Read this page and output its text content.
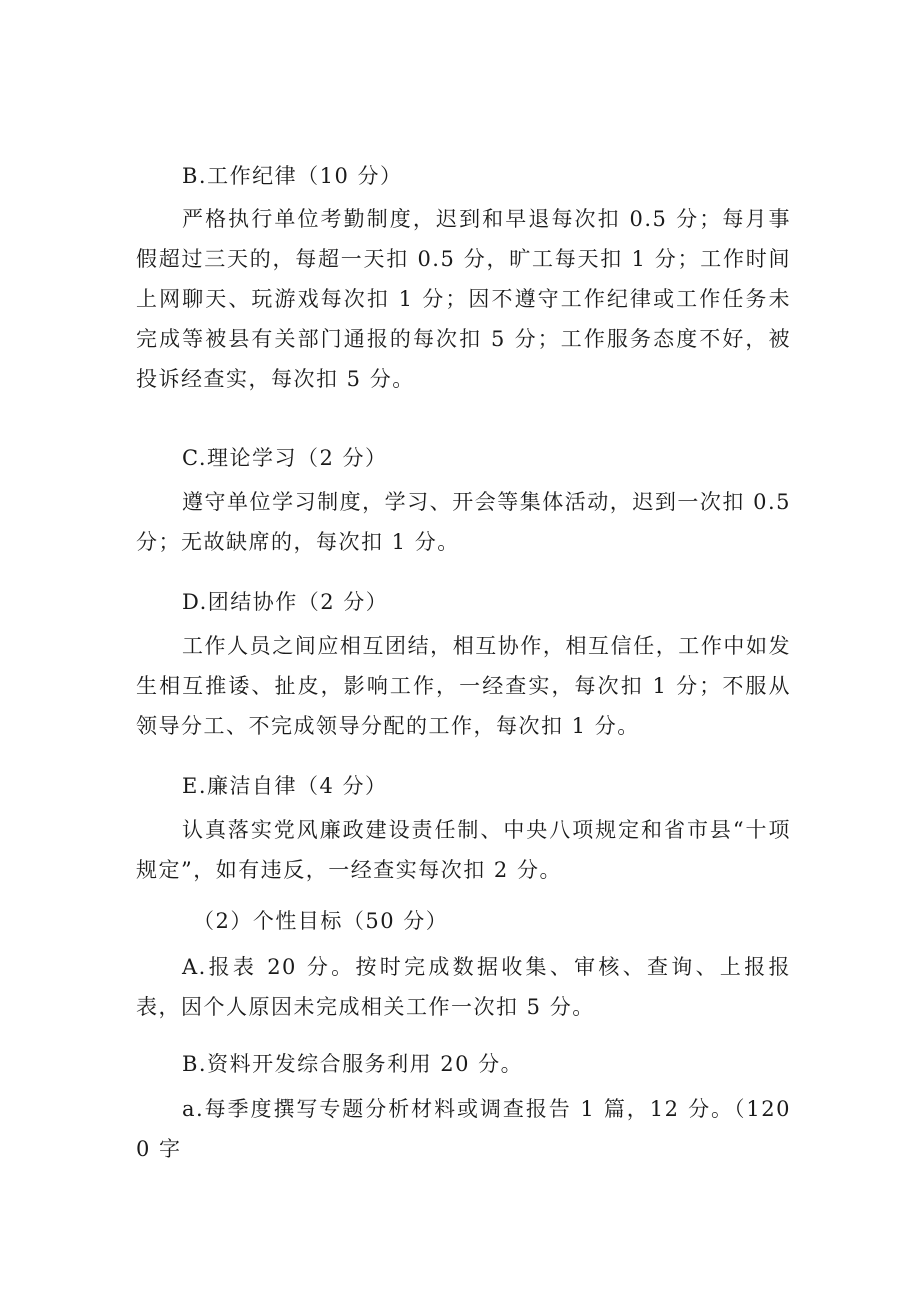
B.工作纪律（10 分）

严格执行单位考勤制度，迟到和早退每次扣 0.5 分；每月事假超过三天的，每超一天扣 0.5 分，旷工每天扣 1 分；工作时间上网聊天、玩游戏每次扣 1 分；因不遵守工作纪律或工作任务未完成等被县有关部门通报的每次扣 5 分；工作服务态度不好，被投诉经查实，每次扣 5 分。

C.理论学习（2 分）

遵守单位学习制度，学习、开会等集体活动，迟到一次扣 0.5 分；无故缺席的，每次扣 1 分。

D.团结协作（2 分）

工作人员之间应相互团结，相互协作，相互信任，工作中如发生相互推诿、扯皮，影响工作，一经查实，每次扣 1 分；不服从领导分工、不完成领导分配的工作，每次扣 1 分。

E.廉洁自律（4 分）

认真落实党风廉政建设责任制、中央八项规定和省市县“十项规定”，如有违反，一经查实每次扣 2 分。

（2）个性目标（50 分）

A.报表 20 分。按时完成数据收集、审核、查询、上报报表，因个人原因未完成相关工作一次扣 5 分。

B.资料开发综合服务利用 20 分。

a.每季度撰写专题分析材料或调查报告 1 篇，12 分。（1200 字
